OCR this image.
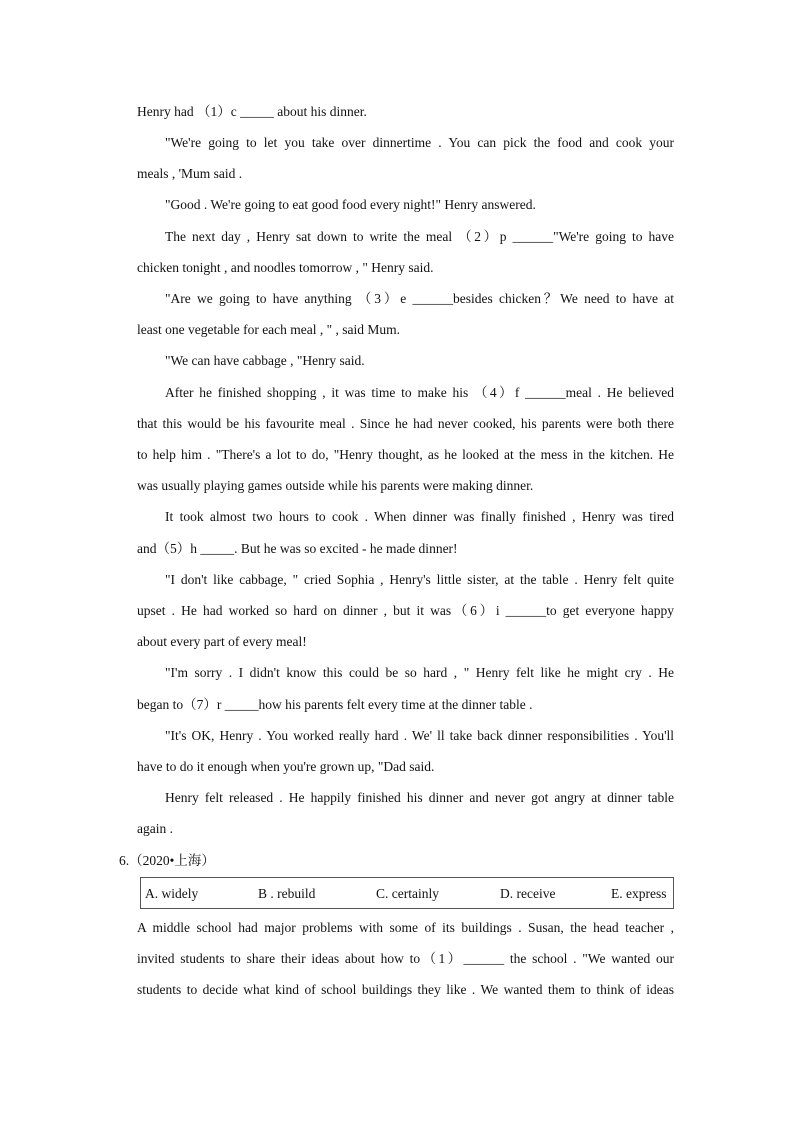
Henry had （1）c _____ about his dinner.
"We're going to let you take over dinnertime . You can pick the food and cook your
meals , 'Mum said .
"Good . We're going to eat good food every night!" Henry answered.
The next day , Henry sat down to write the meal （2）p ______"We're going to have
chicken tonight , and noodles tomorrow , " Henry said.
"Are we going to have anything （3）e ______besides chicken？We need to have at
least one vegetable for each meal , " , said Mum.
"We can have cabbage , "Henry said.
After he finished shopping , it was time to make his （4）f ______meal . He believed
that this would be his favourite meal . Since he had never cooked, his parents were both there
to help him . "There's a lot to do, "Henry thought, as he looked at the mess in the kitchen. He
was usually playing games outside while his parents were making dinner.
It took almost two hours to cook . When dinner was finally finished , Henry was tired
and（5）h _____. But he was so excited - he made dinner!
"I don't like cabbage, " cried Sophia , Henry's little sister, at the table . Henry felt quite
upset . He had worked so hard on dinner , but it was（6）i ______to get everyone happy
about every part of every meal!
"I'm sorry . I didn't know this could be so hard , " Henry felt like he might cry . He
began to（7）r _____how his parents felt every time at the dinner table .
"It's OK, Henry . You worked really hard . We' ll take back dinner responsibilities . You'll
have to do it enough when you're grown up, "Dad said.
Henry felt released . He happily finished his dinner and never got angry at dinner table
again .
6.（2020•上海）
A. widely	B . rebuild	C. certainly	D. receive	E. express
A middle school had major problems with some of its buildings . Susan, the head teacher ,
invited students to share their ideas about how to（1）______ the school . "We wanted our
students to decide what kind of school buildings they like . We wanted them to think of ideas
